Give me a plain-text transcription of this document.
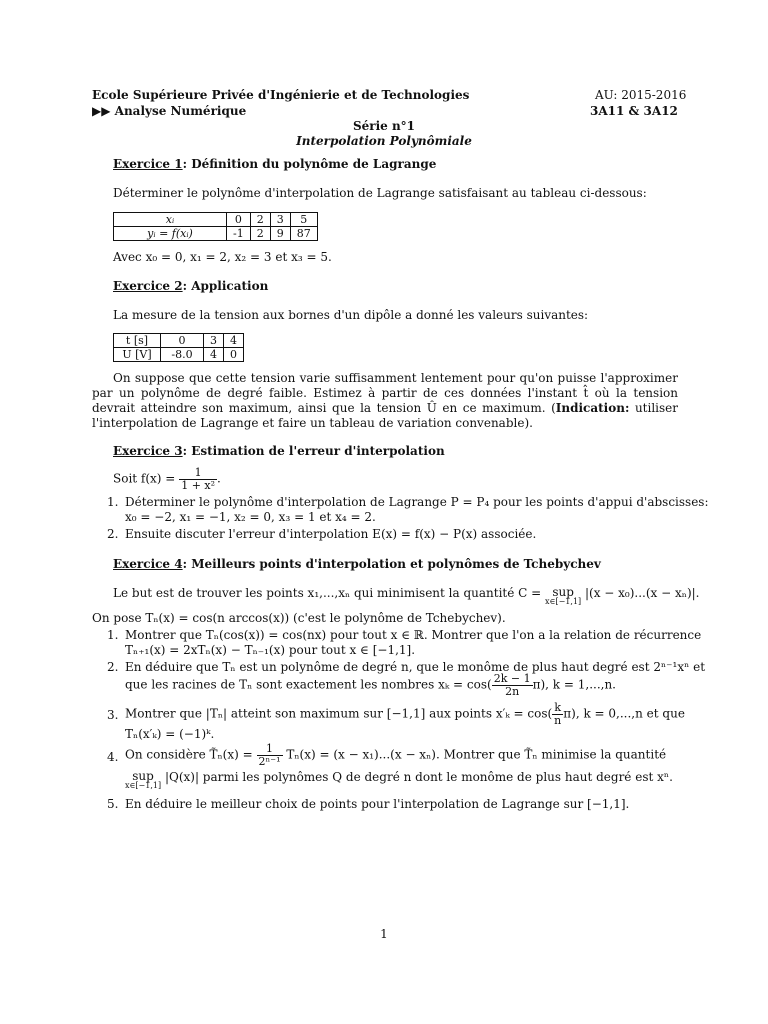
Ecole Supérieure Privée d'Ingénierie et de Technologies	AU: 2015-2016
▶▶ Analyse Numérique	3A11 & 3A12
Série n°1
Interpolation Polynômiale
Exercice 1: Définition du polynôme de Lagrange
Déterminer le polynôme d'interpolation de Lagrange satisfaisant au tableau ci-dessous:
xᵢ	0	2	3	5
yᵢ = f(xᵢ)	-1	2	9	87
Avec x₀ = 0, x₁ = 2, x₂ = 3 et x₃ = 5.
Exercice 2: Application
La mesure de la tension aux bornes d'un dipôle a donné les valeurs suivantes:
t [s]	0	3	4
U [V]	-8.0	4	0
On suppose que cette tension varie suffisamment lentement pour qu'on puisse l'approximer par un polynôme de degré faible. Estimez à partir de ces données l'instant t̂ où la tension devrait atteindre son maximum, ainsi que la tension Û en ce maximum. (Indication: utiliser l'interpolation de Lagrange et faire un tableau de variation convenable).
Exercice 3: Estimation de l'erreur d'interpolation
Soit $f(x) = \frac{1}{\text{1 + x²}}$ .
1. Déterminer le polynôme d'interpolation de Lagrange P = P₄ pour les points d'appui d'abscisses:
x₀ = −2, x₁ = −1, x₂ = 0, x₃ = 1 et x₄ = 2.
2. Ensuite discuter l'erreur d'interpolation E(x) = f(x) − P(x) associée.
Exercice 4: Meilleurs points d'interpolation et polynômes de Tchebychev
Le but est de trouver les points x₁,...,xₙ qui minimisent la quantité C = sup
x∈[−1,1]
|(x − x₀)...(x − xₙ)|.
On pose Tₙ(x) = cos(n arccos(x)) (c'est le polynôme de Tchebychev).
1. Montrer que Tₙ(cos(x)) = cos(nx) pour tout x ∈ ℝ. Montrer que l'on a la relation de récurrence
Tₙ₊₁(x) = 2xTₙ(x) − Tₙ₋₁(x) pour tout x ∈ [−1,1].
2. En déduire que Tₙ est un polynôme de degré n, que le monôme de plus haut degré est 2ⁿ⁻¹xⁿ et
que les racines de Tₙ sont exactement les nombres $x_k = \cos( \frac{2k - 1}{2n} \pi)$, k = 1,...,n.
3. Montrer que |Tₙ| atteint son maximum sur [−1,1] aux points $x'_k = \cos( \frac{k}{n} \pi)$, k = 0,...,n et que
Tₙ(x′ₖ) = (−1)ᵏ.
4. On considère T̃ₙ(x) = $\frac{1}{\text{2ⁿ⁻¹}} T_n(x) = (x - x_1)...(x - x_n)$. Montrer que T̃ₙ minimise la quantité
sup
x∈[−1,1]
|Q(x)| parmi les polynômes Q de degré n dont le monôme de plus haut degré est xⁿ.
5. En déduire le meilleur choix de points pour l'interpolation de Lagrange sur [−1,1].
1
